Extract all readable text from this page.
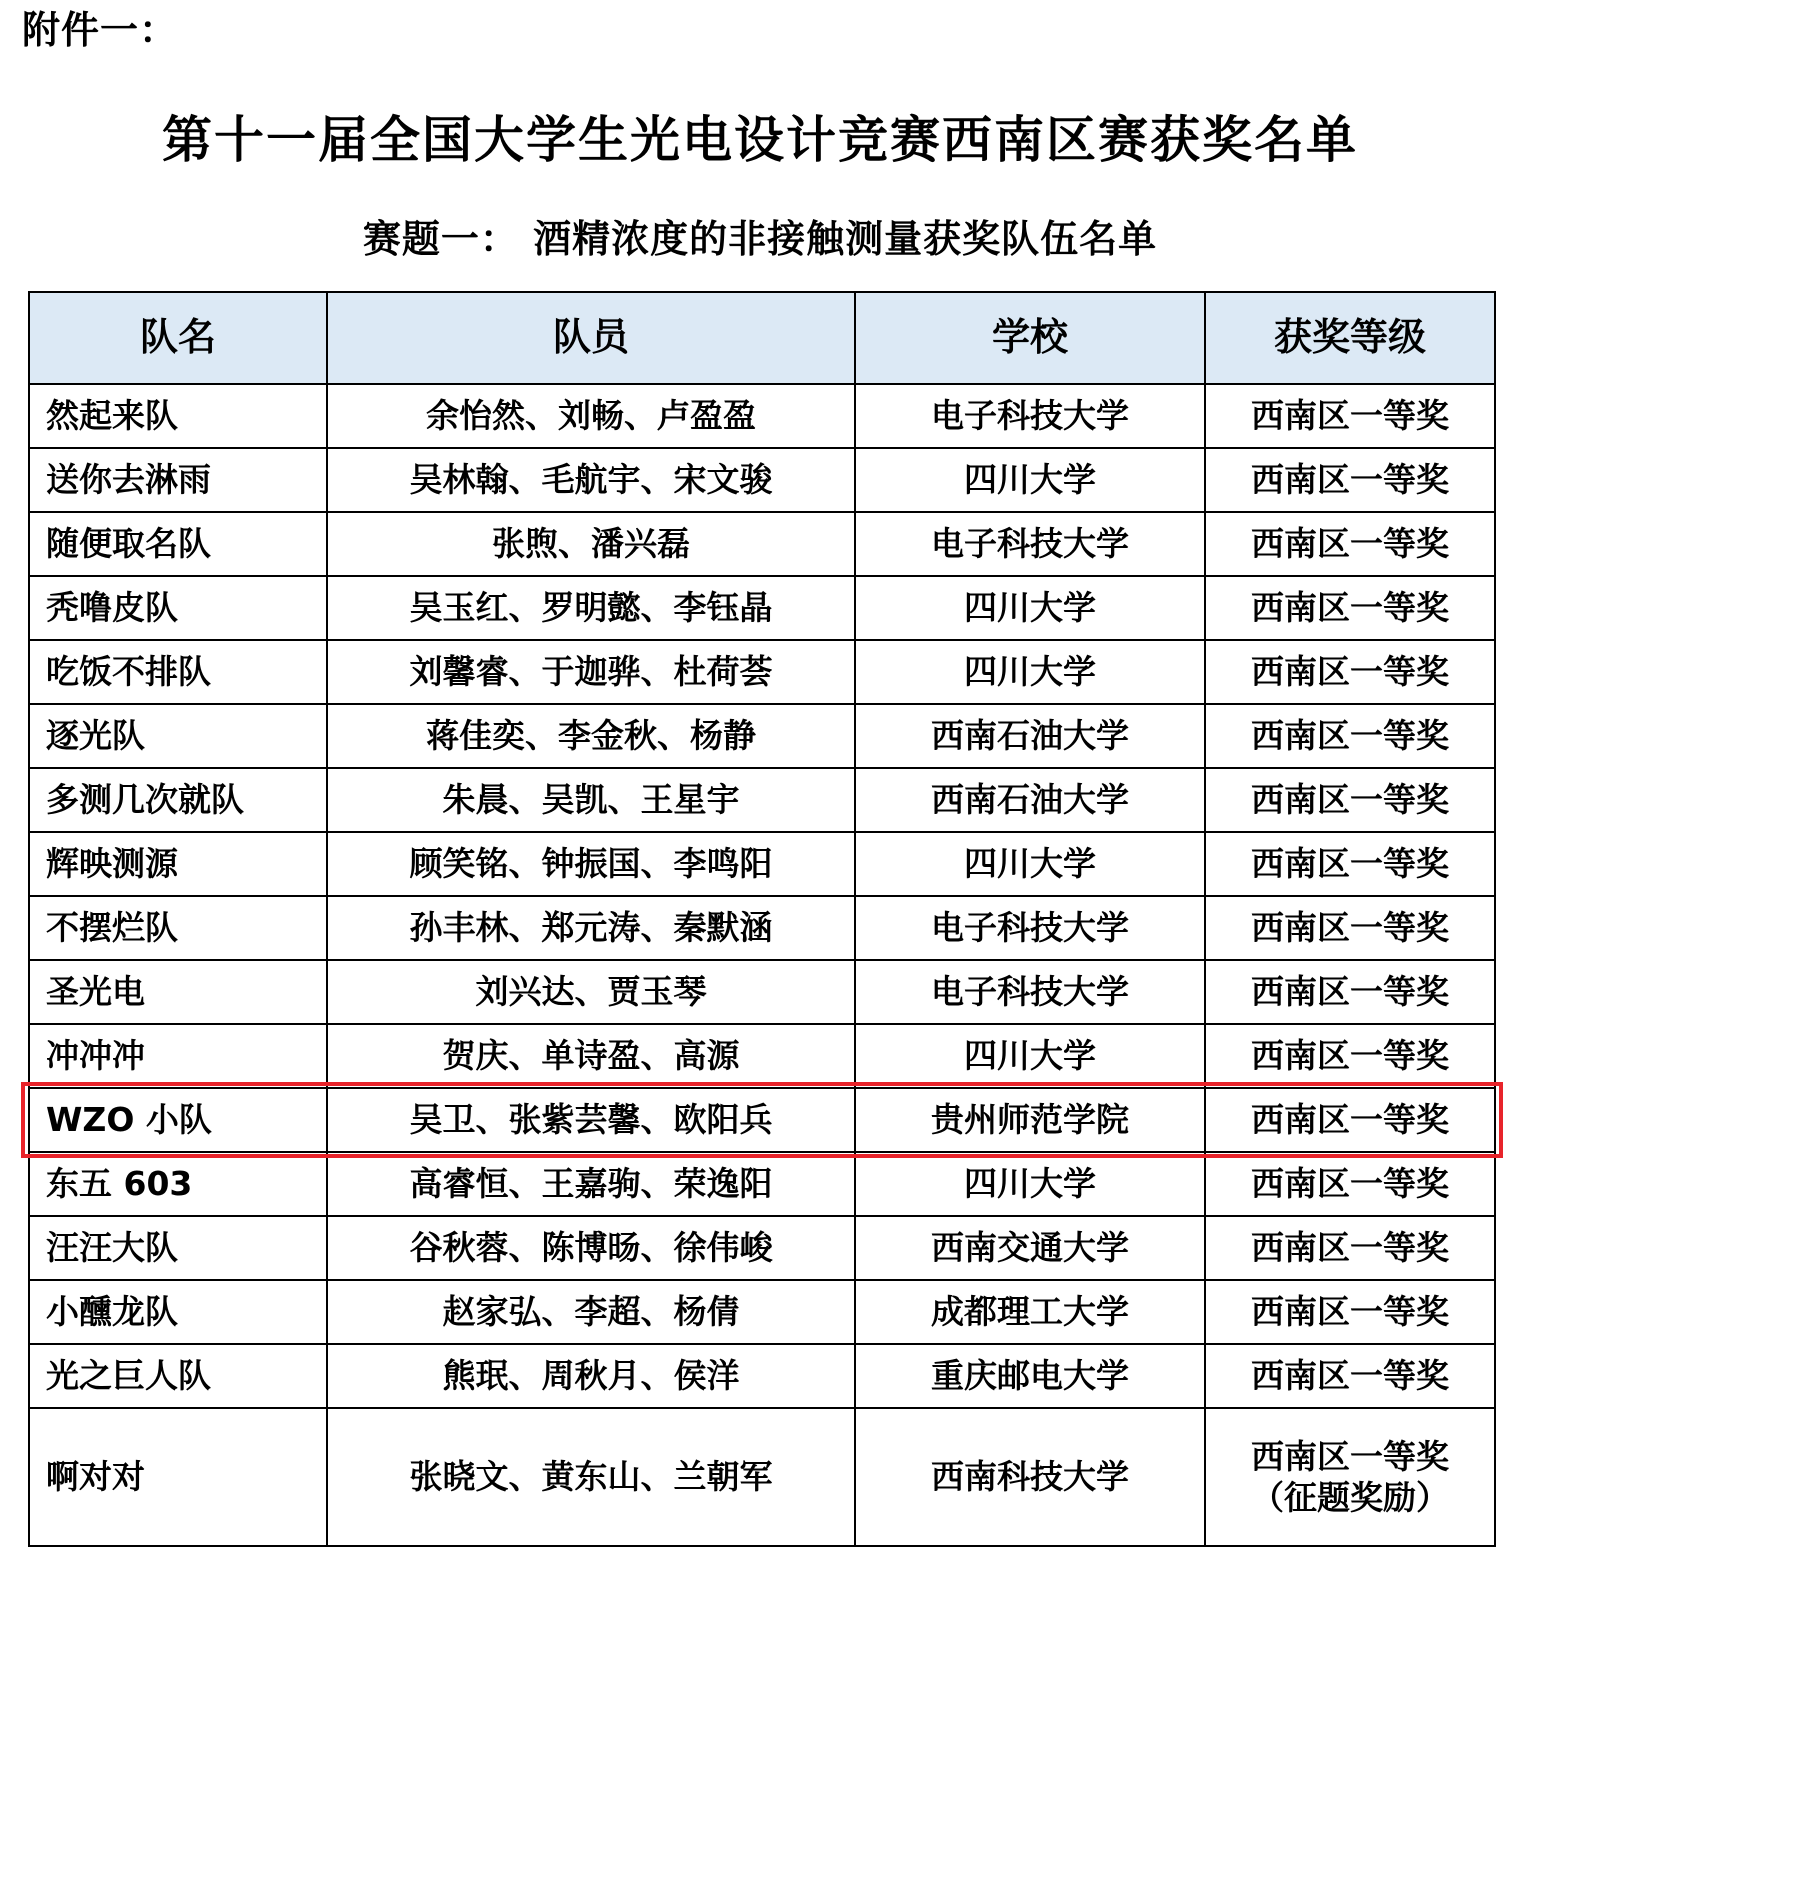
附件一：
第十一届全国大学生光电设计竞赛西南区赛获奖名单
赛题一： 酒精浓度的非接触测量获奖队伍名单
队名	队员	学校	获奖等级
然起来队	余怡然、刘畅、卢盈盈	电子科技大学	西南区一等奖
送你去淋雨	吴林翰、毛航宇、宋文骏	四川大学	西南区一等奖
随便取名队	张煦、潘兴磊	电子科技大学	西南区一等奖
秃噜皮队	吴玉红、罗明懿、李钰晶	四川大学	西南区一等奖
吃饭不排队	刘馨睿、于迦骅、杜荷荟	四川大学	西南区一等奖
逐光队	蒋佳奕、李金秋、杨静	西南石油大学	西南区一等奖
多测几次就队	朱晨、吴凯、王星宇	西南石油大学	西南区一等奖
辉映测源	顾笑铭、钟振国、李鸣阳	四川大学	西南区一等奖
不摆烂队	孙丰林、郑元涛、秦默涵	电子科技大学	西南区一等奖
圣光电	刘兴达、贾玉琴	电子科技大学	西南区一等奖
冲冲冲	贺庆、单诗盈、高源	四川大学	西南区一等奖
WZO 小队	吴卫、张紫芸馨、欧阳兵	贵州师范学院	西南区一等奖
东五 603	高睿恒、王嘉驹、荣逸阳	四川大学	西南区一等奖
汪汪大队	谷秋蓉、陈博旸、徐伟峻	西南交通大学	西南区一等奖
小醺龙队	赵家弘、李超、杨倩	成都理工大学	西南区一等奖
光之巨人队	熊珉、周秋月、侯洋	重庆邮电大学	西南区一等奖
啊对对	张晓文、黄东山、兰朝军	西南科技大学	西南区一等奖
（征题奖励）
